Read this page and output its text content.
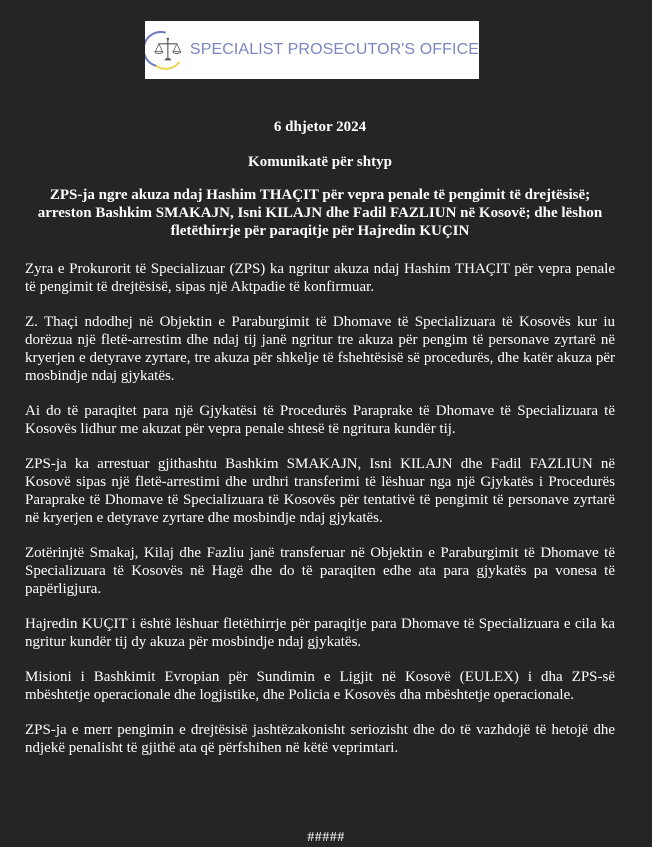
SPECIALIST PROSECUTOR'S OFFICE

6 dhjetor 2024

Komunikatë për shtyp

ZPS-ja ngre akuza ndaj Hashim THAÇIT për vepra penale të pengimit të drejtësisë; arreston Bashkim SMAKAJN, Isni KILAJN dhe Fadil FAZLIUN në Kosovë; dhe lëshon fletëthirrje për paraqitje për Hajredin KUÇIN

Zyra e Prokurorit të Specializuar (ZPS) ka ngritur akuza ndaj Hashim THAÇIT për vepra penale të pengimit të drejtësisë, sipas një Aktpadie të konfirmuar.

Z. Thaçi ndodhej në Objektin e Paraburgimit të Dhomave të Specializuara të Kosovës kur iu dorëzua një fletë-arrestim dhe ndaj tij janë ngritur tre akuza për pengim të personave zyrtarë në kryerjen e detyrave zyrtare, tre akuza për shkelje të fshehtësisë së procedurës, dhe katër akuza për mosbindje ndaj gjykatës.

Ai do të paraqitet para një Gjykatësi të Procedurës Paraprake të Dhomave të Specializuara të Kosovës lidhur me akuzat për vepra penale shtesë të ngritura kundër tij.

ZPS-ja ka arrestuar gjithashtu Bashkim SMAKAJN, Isni KILAJN dhe Fadil FAZLIUN në Kosovë sipas një fletë-arrestimi dhe urdhri transferimi të lëshuar nga një Gjykatës i Procedurës Paraprake të Dhomave të Specializuara të Kosovës për tentativë të pengimit të personave zyrtarë në kryerjen e detyrave zyrtare dhe mosbindje ndaj gjykatës.

Zotërinjtë Smakaj, Kilaj dhe Fazliu janë transferuar në Objektin e Paraburgimit të Dhomave të Specializuara të Kosovës në Hagë dhe do të paraqiten edhe ata para gjykatës pa vonesa të papërligjura.

Hajredin KUÇIT i është lëshuar fletëthirrje për paraqitje para Dhomave të Specializuara e cila ka ngritur kundër tij dy akuza për mosbindje ndaj gjykatës.

Misioni i Bashkimit Evropian për Sundimin e Ligjit në Kosovë (EULEX) i dha ZPS-së mbështetje operacionale dhe logjistike, dhe Policia e Kosovës dha mbështetje operacionale.

ZPS-ja e merr pengimin e drejtësisë jashtëzakonisht seriozisht dhe do të vazhdojë të hetojë dhe ndjekë penalisht të gjithë ata që përfshihen në këtë veprimtari.

#####
